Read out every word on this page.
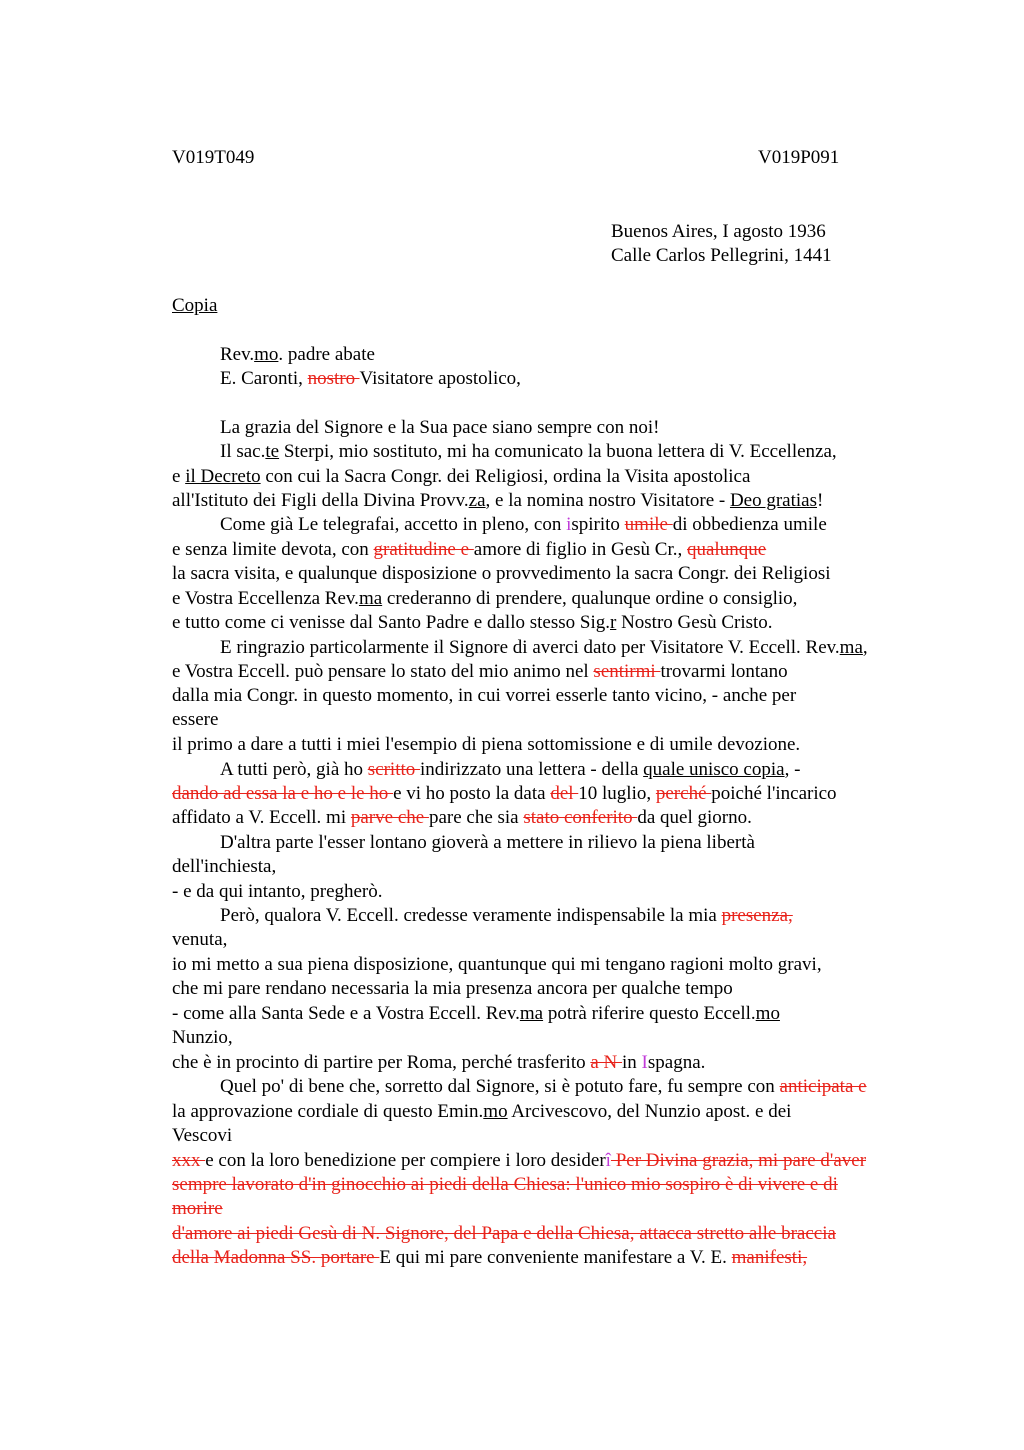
V019T049	V019P091
Buenos Aires, I agosto 1936
Calle Carlos Pellegrini, 1441
Copia
Rev.mo. padre abate
E. Caronti, nostro Visitatore apostolico,
La grazia del Signore e la Sua pace siano sempre con noi!
Il sac.te Sterpi, mio sostituto, mi ha comunicato la buona lettera di V. Eccellenza,
e il Decreto con cui la Sacra Congr. dei Religiosi, ordina la Visita apostolica
all'Istituto dei Figli della Divina Provv.za, e la nomina nostro Visitatore - Deo gratias!
Come già Le telegrafai, accetto in pleno, con ispirito umile di obbedienza umile
e senza limite devota, con gratitudine e amore di figlio in Gesù Cr., qualunque
la sacra visita, e qualunque disposizione o provvedimento la sacra Congr. dei Religiosi
e Vostra Eccellenza Rev.ma crederanno di prendere, qualunque ordine o consiglio,
e tutto come ci venisse dal Santo Padre e dallo stesso Sig.r Nostro Gesù Cristo.
E ringrazio particolarmente il Signore di averci dato per Visitatore V. Eccell. Rev.ma,
e Vostra Eccell. può pensare lo stato del mio animo nel sentirmi trovarmi lontano
dalla mia Congr. in questo momento, in cui vorrei esserle tanto vicino, - anche per
essere
il primo a dare a tutti i miei l'esempio di piena sottomissione e di umile devozione.
A tutti però, già ho scritto indirizzato una lettera - della quale unisco copia, -
dando ad essa la e ho e le ho e vi ho posto la data del 10 luglio, perché poiché l'incarico
affidato a V. Eccell. mi parve che pare che sia stato conferito da quel giorno.
D'altra parte l'esser lontano gioverà a mettere in rilievo la piena libertà
dell'inchiesta,
- e da qui intanto, pregherò.
Però, qualora V. Eccell. credesse veramente indispensabile la mia presenza,
venuta,
io mi metto a sua piena disposizione, quantunque qui mi tengano ragioni molto gravi,
che mi pare rendano necessaria la mia presenza ancora per qualche tempo
- come alla Santa Sede e a Vostra Eccell. Rev.ma potrà riferire questo Eccell.mo
Nunzio,
che è in procinto di partire per Roma, perché trasferito a N in Ispagna.
Quel po' di bene che, sorretto dal Signore, si è potuto fare, fu sempre con anticipata e
la approvazione cordiale di questo Emin.mo Arcivescovo, del Nunzio apost. e dei
Vescovi
xxx e con la loro benedizione per compiere i loro desiderî Per Divina grazia, mi pare d'aver
sempre lavorato d'in ginocchio ai piedi della Chiesa: l'unico mio sospiro è di vivere e di
morire
d'amore ai piedi Gesù di N. Signore, del Papa e della Chiesa, attacca stretto alle braccia
della Madonna SS. portare E qui mi pare conveniente manifestare a V. E. manifesti,
